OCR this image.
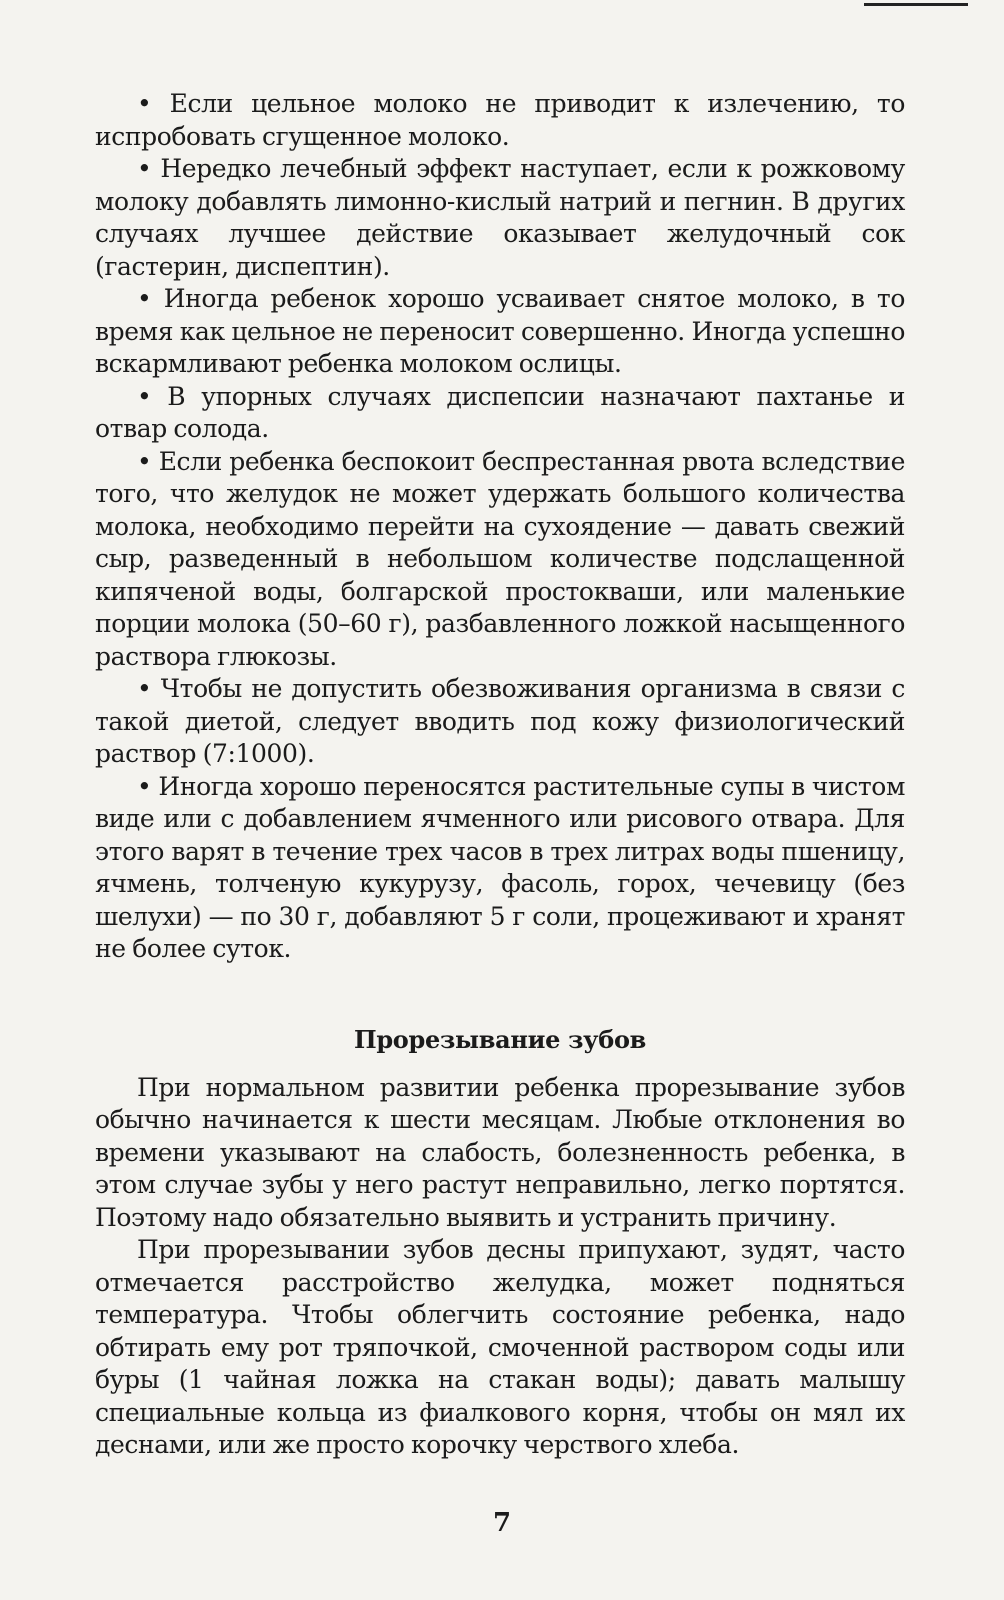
• Если цельное молоко не приводит к излечению, то испробовать сгущенное молоко.

• Нередко лечебный эффект наступает, если к рожковому молоку добавлять лимонно-кислый натрий и пегнин. В других случаях лучшее действие оказывает желудочный сок (гастерин, диспептин).

• Иногда ребенок хорошо усваивает снятое молоко, в то время как цельное не переносит совершенно. Иногда успешно вскармливают ребенка молоком ослицы.

• В упорных случаях диспепсии назначают пахтанье и отвар солода.

• Если ребенка беспокоит беспрестанная рвота вследствие того, что желудок не может удержать большого количества молока, необходимо перейти на сухоядение — давать свежий сыр, разведенный в небольшом количестве подслащенной кипяченой воды, болгарской простокваши, или маленькие порции молока (50–60 г), разбавленного ложкой насыщенного раствора глюкозы.

• Чтобы не допустить обезвоживания организма в связи с такой диетой, следует вводить под кожу физиологический раствор (7:1000).

• Иногда хорошо переносятся растительные супы в чистом виде или с добавлением ячменного или рисового отвара. Для этого варят в течение трех часов в трех литрах воды пшеницу, ячмень, толченую кукурузу, фасоль, горох, чечевицу (без шелухи) — по 30 г, добавляют 5 г соли, процеживают и хранят не более суток.

Прорезывание зубов

При нормальном развитии ребенка прорезывание зубов обычно начинается к шести месяцам. Любые отклонения во времени указывают на слабость, болезненность ребенка, в этом случае зубы у него растут неправильно, легко портятся. Поэтому надо обязательно выявить и устранить причину.

При прорезывании зубов десны припухают, зудят, часто отмечается расстройство желудка, может подняться температура. Чтобы облегчить состояние ребенка, надо обтирать ему рот тряпочкой, смоченной раствором соды или буры (1 чайная ложка на стакан воды); давать малышу специальные кольца из фиалкового корня, чтобы он мял их деснами, или же просто корочку черствого хлеба.

7
